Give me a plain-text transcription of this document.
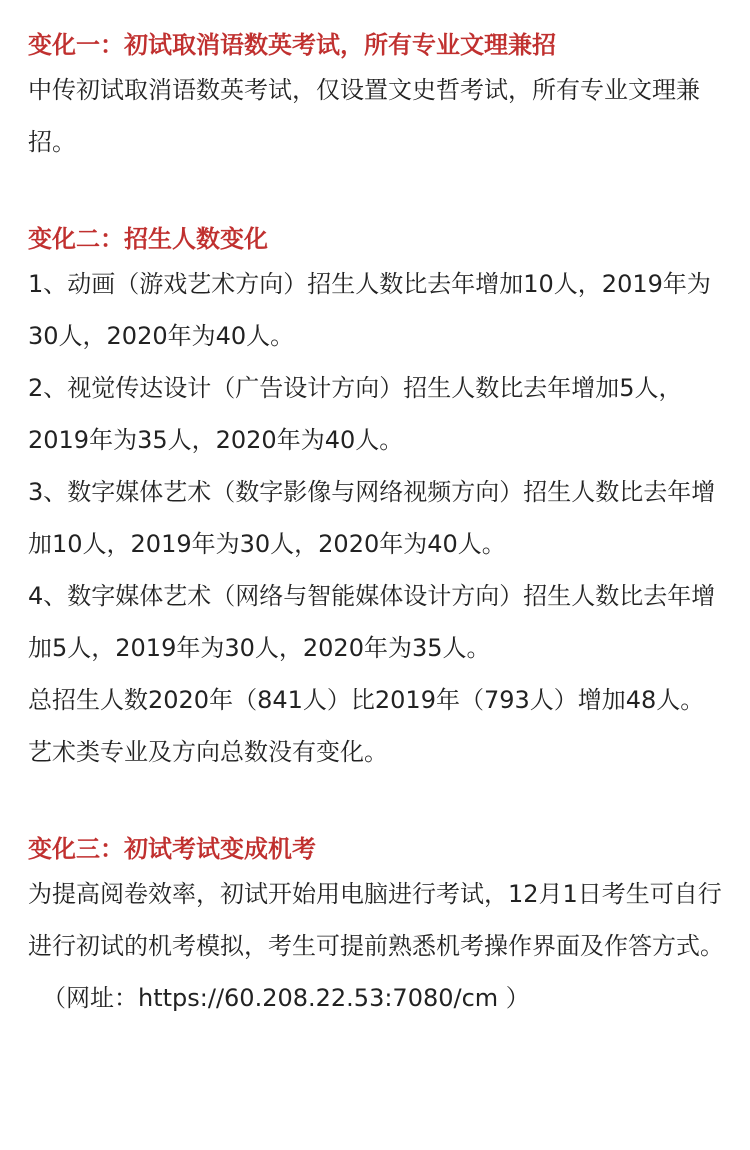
变化一：初试取消语数英考试，所有专业文理兼招

中传初试取消语数英考试，仅设置文史哲考试，所有专业文理兼招。

变化二：招生人数变化

1、动画（游戏艺术方向）招生人数比去年增加10人，2019年为30人，2020年为40人。

2、视觉传达设计（广告设计方向）招生人数比去年增加5人，2019年为35人，2020年为40人。

3、数字媒体艺术（数字影像与网络视频方向）招生人数比去年增加10人，2019年为30人，2020年为40人。

4、数字媒体艺术（网络与智能媒体设计方向）招生人数比去年增加5人，2019年为30人，2020年为35人。

总招生人数2020年（841人）比2019年（793人）增加48人。艺术类专业及方向总数没有变化。

变化三：初试考试变成机考

为提高阅卷效率，初试开始用电脑进行考试，12月1日考生可自行进行初试的机考模拟，考生可提前熟悉机考操作界面及作答方式。

（网址：https://60.208.22.53:7080/cm ）
